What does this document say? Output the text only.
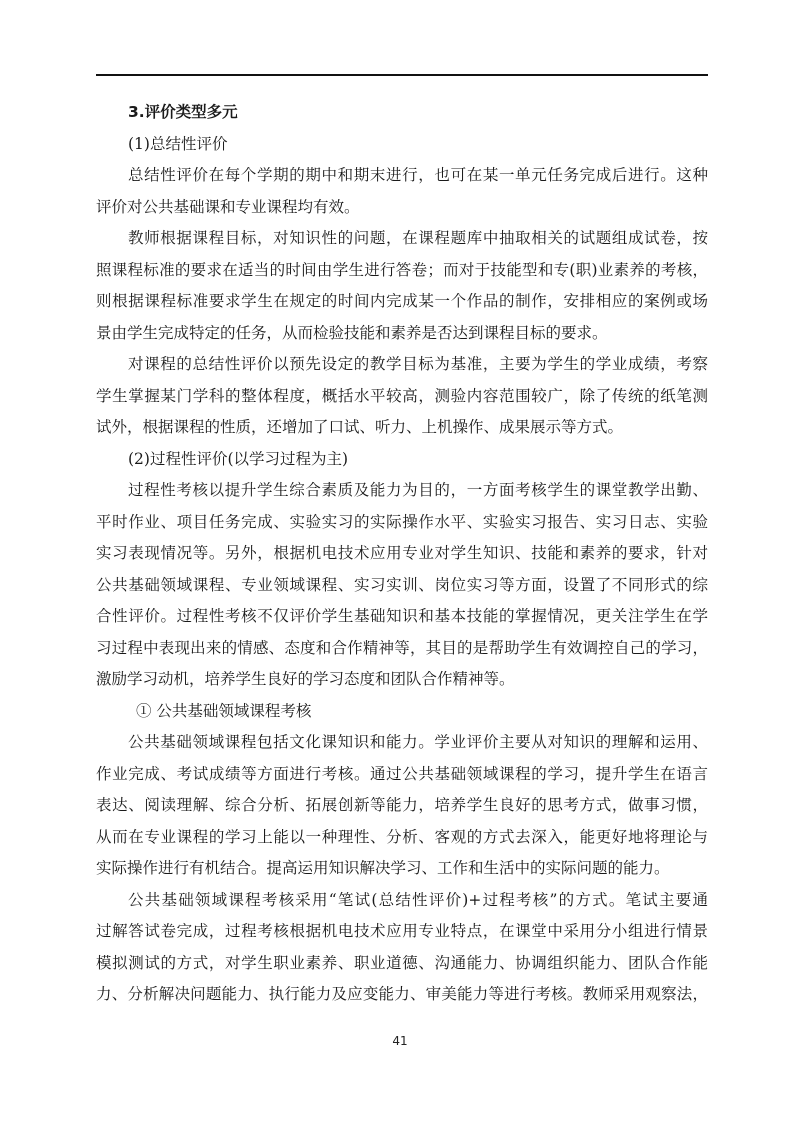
3.评价类型多元
(1)总结性评价
总结性评价在每个学期的期中和期末进行，也可在某一单元任务完成后进行。这种
评价对公共基础课和专业课程均有效。
教师根据课程目标，对知识性的问题，在课程题库中抽取相关的试题组成试卷，按
照课程标准的要求在适当的时间由学生进行答卷；而对于技能型和专(职)业素养的考核，
则根据课程标准要求学生在规定的时间内完成某一个作品的制作，安排相应的案例或场
景由学生完成特定的任务，从而检验技能和素养是否达到课程目标的要求。
对课程的总结性评价以预先设定的教学目标为基准，主要为学生的学业成绩，考察
学生掌握某门学科的整体程度，概括水平较高，测验内容范围较广，除了传统的纸笔测
试外，根据课程的性质，还增加了口试、听力、上机操作、成果展示等方式。
(2)过程性评价(以学习过程为主)
过程性考核以提升学生综合素质及能力为目的，一方面考核学生的课堂教学出勤、
平时作业、项目任务完成、实验实习的实际操作水平、实验实习报告、实习日志、实验
实习表现情况等。另外，根据机电技术应用专业对学生知识、技能和素养的要求，针对
公共基础领域课程、专业领域课程、实习实训、岗位实习等方面，设置了不同形式的综
合性评价。过程性考核不仅评价学生基础知识和基本技能的掌握情况，更关注学生在学
习过程中表现出来的情感、态度和合作精神等，其目的是帮助学生有效调控自己的学习，
激励学习动机，培养学生良好的学习态度和团队合作精神等。
① 公共基础领域课程考核
公共基础领域课程包括文化课知识和能力。学业评价主要从对知识的理解和运用、
作业完成、考试成绩等方面进行考核。通过公共基础领域课程的学习，提升学生在语言
表达、阅读理解、综合分析、拓展创新等能力，培养学生良好的思考方式，做事习惯，
从而在专业课程的学习上能以一种理性、分析、客观的方式去深入，能更好地将理论与
实际操作进行有机结合。提高运用知识解决学习、工作和生活中的实际问题的能力。
公共基础领域课程考核采用“笔试(总结性评价)+过程考核”的方式。笔试主要通
过解答试卷完成，过程考核根据机电技术应用专业特点，在课堂中采用分小组进行情景
模拟测试的方式，对学生职业素养、职业道德、沟通能力、协调组织能力、团队合作能
力、分析解决问题能力、执行能力及应变能力、审美能力等进行考核。教师采用观察法，
41
